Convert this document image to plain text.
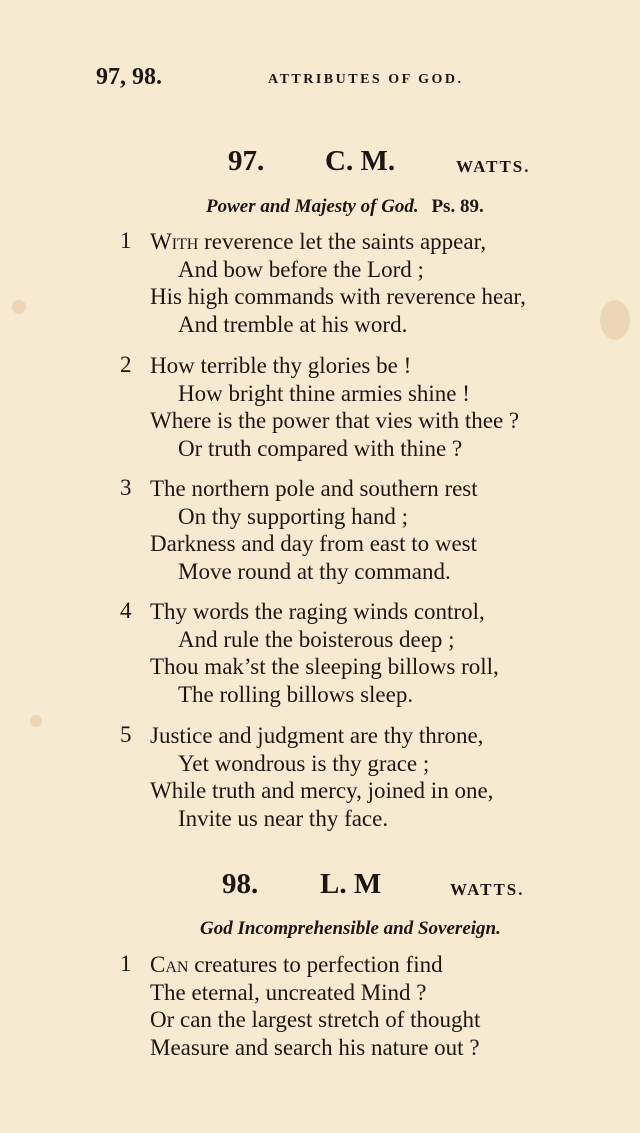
97, 98.	ATTRIBUTES OF GOD.
97. C. M.	WATTS.
Power and Majesty of God. Ps. 89.
1 With reverence let the saints appear,
And bow before the Lord ;
His high commands with reverence hear,
And tremble at his word.
2 How terrible thy glories be !
How bright thine armies shine !
Where is the power that vies with thee ?
Or truth compared with thine ?
3 The northern pole and southern rest
On thy supporting hand ;
Darkness and day from east to west
Move round at thy command.
4 Thy words the raging winds control,
And rule the boisterous deep ;
Thou mak’st the sleeping billows roll,
The rolling billows sleep.
5 Justice and judgment are thy throne,
Yet wondrous is thy grace ;
While truth and mercy, joined in one,
Invite us near thy face.
98. L. M	WATTS.
God Incomprehensible and Sovereign.
1 Can creatures to perfection find
The eternal, uncreated Mind ?
Or can the largest stretch of thought
Measure and search his nature out ?
